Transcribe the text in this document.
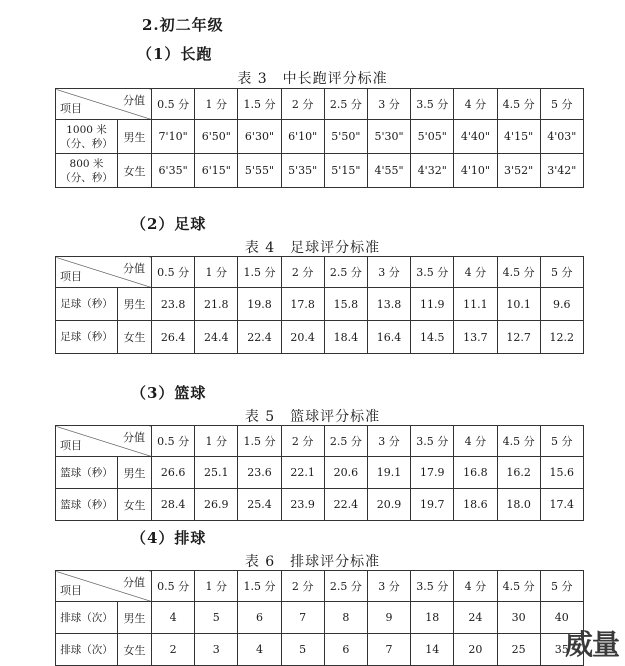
2.初二年级
（1）长跑
表 3　中长跑评分标准
分值
项目		0.5 分	1 分	1.5 分	2 分	2.5 分	3 分	3.5 分	4 分	4.5 分	5 分
1000 米
（分、秒）	男生	7'10"	6'50"	6'30"	6'10"	5'50"	5'30"	5'05"	4'40"	4'15"	4'03"
800 米
（分、秒）	女生	6'35"	6'15"	5'55"	5'35"	5'15"	4'55"	4'32"	4'10"	3'52"	3'42"
（2）足球
表 4　足球评分标准
分值
项目		0.5 分	1 分	1.5 分	2 分	2.5 分	3 分	3.5 分	4 分	4.5 分	5 分
足球（秒）	男生	23.8	21.8	19.8	17.8	15.8	13.8	11.9	11.1	10.1	9.6
足球（秒）	女生	26.4	24.4	22.4	20.4	18.4	16.4	14.5	13.7	12.7	12.2
（3）篮球
表 5　篮球评分标准
分值
项目		0.5 分	1 分	1.5 分	2 分	2.5 分	3 分	3.5 分	4 分	4.5 分	5 分
篮球（秒）	男生	26.6	25.1	23.6	22.1	20.6	19.1	17.9	16.8	16.2	15.6
篮球（秒）	女生	28.4	26.9	25.4	23.9	22.4	20.9	19.7	18.6	18.0	17.4
（4）排球
表 6　排球评分标准
分值
项目		0.5 分	1 分	1.5 分	2 分	2.5 分	3 分	3.5 分	4 分	4.5 分	5 分
排球（次）	男生	4	5	6	7	8	9	18	24	30	40
排球（次）	女生	2	3	4	5	6	7	14	20	25	35
威量
